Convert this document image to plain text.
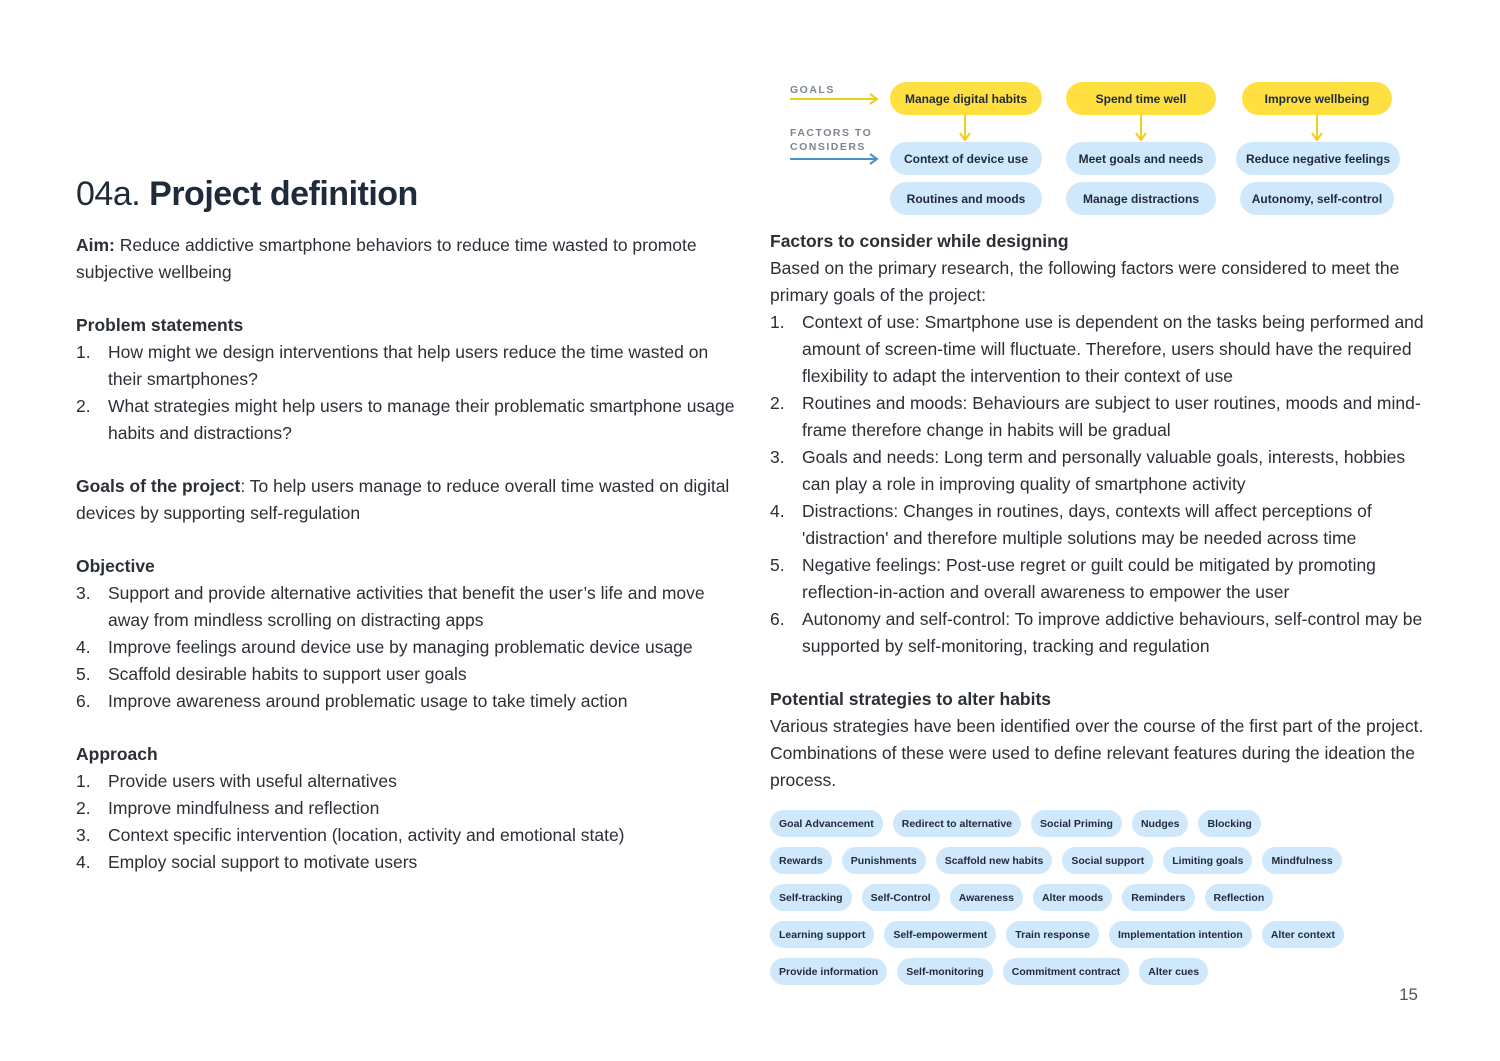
04a. Project definition

Aim: Reduce addictive smartphone behaviors to reduce time wasted to promote subjective wellbeing

Problem statements

1. How might we design interventions that help users reduce the time wasted on their smartphones?
2. What strategies might help users to manage their problematic smartphone usage habits and distractions?

Goals of the project: To help users manage to reduce overall time wasted on digital devices by supporting self-regulation

Objective

3. Support and provide alternative activities that benefit the user’s life and move away from mindless scrolling on distracting apps
4. Improve feelings around device use by managing problematic device usage
5. Scaffold desirable habits to support user goals
6. Improve awareness around problematic usage to take timely action

Approach

1. Provide users with useful alternatives
2. Improve mindfulness and reflection
3. Context specific intervention (location, activity and emotional state)
4. Employ social support to motivate users
GOALS
FACTORS TO
CONSIDERS
Manage digital habits	Spend time well	Improve wellbeing
Context of device use	Meet goals and needs	Reduce negative feelings
Routines and moods	Manage distractions	Autonomy, self-control

Factors to consider while designing

Based on the primary research, the following factors were considered to meet the primary goals of the project:

1. Context of use: Smartphone use is dependent on the tasks being performed and amount of screen-time will fluctuate. Therefore, users should have the required flexibility to adapt the intervention to their context of use
2. Routines and moods: Behaviours are subject to user routines, moods and mind-frame therefore change in habits will be gradual
3. Goals and needs: Long term and personally valuable goals, interests, hobbies can play a role in improving quality of smartphone activity
4. Distractions: Changes in routines, days, contexts will affect perceptions of 'distraction' and therefore multiple solutions may be needed across time
5. Negative feelings: Post-use regret or guilt could be mitigated by promoting reflection-in-action and overall awareness to empower the user
6. Autonomy and self-control: To improve addictive behaviours, self-control may be supported by self-monitoring, tracking and regulation

Potential strategies to alter habits

Various strategies have been identified over the course of the first part of the project. Combinations of these were used to define relevant features during the ideation the process.

Goal Advancement	Redirect to alternative	Social Priming	Nudges	Blocking
Rewards	Punishments	Scaffold new habits	Social support	Limiting goals	Mindfulness
Self-tracking	Self-Control	Awareness	Alter moods	Reminders	Reflection
Learning support	Self-empowerment	Train response	Implementation intention	Alter context
Provide information	Self-monitoring	Commitment contract	Alter cues
15
